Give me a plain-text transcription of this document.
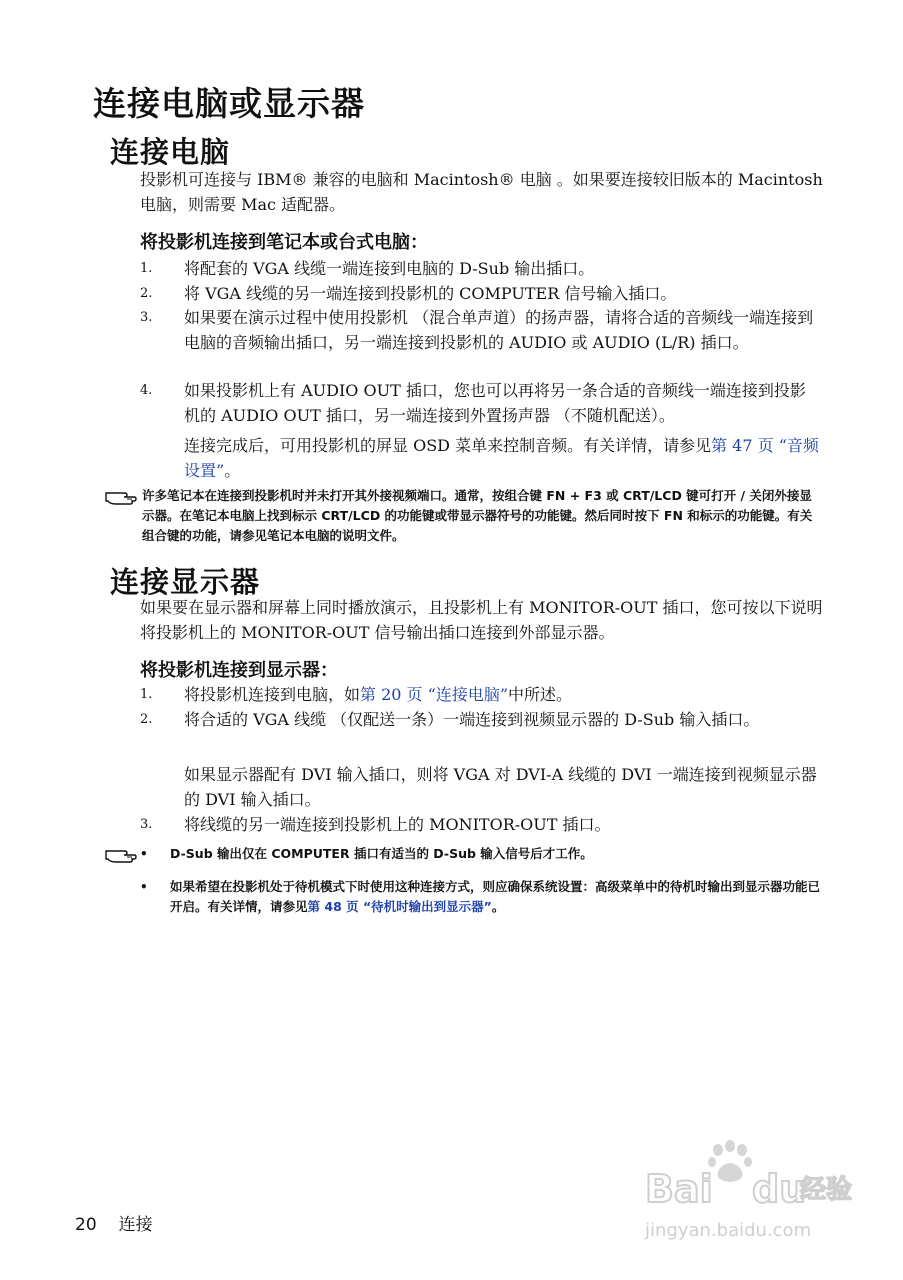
连接电脑或显示器
连接电脑
投影机可连接与 IBM® 兼容的电脑和 Macintosh® 电脑 。如果要连接较旧版本的 Macintosh 电脑，则需要 Mac 适配器。
将投影机连接到笔记本或台式电脑：
1. 将配套的 VGA 线缆一端连接到电脑的 D-Sub 输出插口。
2. 将 VGA 线缆的另一端连接到投影机的 COMPUTER 信号输入插口。
3. 如果要在演示过程中使用投影机 （混合单声道）的扬声器，请将合适的音频线一端连接到电脑的音频输出插口，另一端连接到投影机的 AUDIO 或 AUDIO (L/R) 插口。
4. 如果投影机上有 AUDIO OUT 插口，您也可以再将另一条合适的音频线一端连接到投影机的 AUDIO OUT 插口，另一端连接到外置扬声器 （不随机配送）。
连接完成后，可用投影机的屏显 OSD 菜单来控制音频。有关详情，请参见第 47 页 “音频设置”。
许多笔记本在连接到投影机时并未打开其外接视频端口。通常，按组合键 FN + F3 或 CRT/LCD 键可打开 / 关闭外接显示器。在笔记本电脑上找到标示 CRT/LCD 的功能键或带显示器符号的功能键。然后同时按下 FN 和标示的功能键。有关组合键的功能，请参见笔记本电脑的说明文件。
连接显示器
如果要在显示器和屏幕上同时播放演示，且投影机上有 MONITOR-OUT 插口，您可按以下说明将投影机上的 MONITOR-OUT 信号输出插口连接到外部显示器。
将投影机连接到显示器：
1. 将投影机连接到电脑，如第 20 页 “连接电脑”中所述。
2. 将合适的 VGA 线缆 （仅配送一条）一端连接到视频显示器的 D-Sub 输入插口。
如果显示器配有 DVI 输入插口，则将 VGA 对 DVI-A 线缆的 DVI 一端连接到视频显示器的 DVI 输入插口。
3. 将线缆的另一端连接到投影机上的 MONITOR-OUT 插口。
• D-Sub 输出仅在 COMPUTER 插口有适当的 D-Sub 输入信号后才工作。
• 如果希望在投影机处于待机模式下时使用这种连接方式，则应确保系统设置：高级菜单中的待机时输出到显示器功能已开启。有关详情，请参见第 48 页 “待机时输出到显示器”。
20 连接
Bai du
经验
jingyan.baidu.com
